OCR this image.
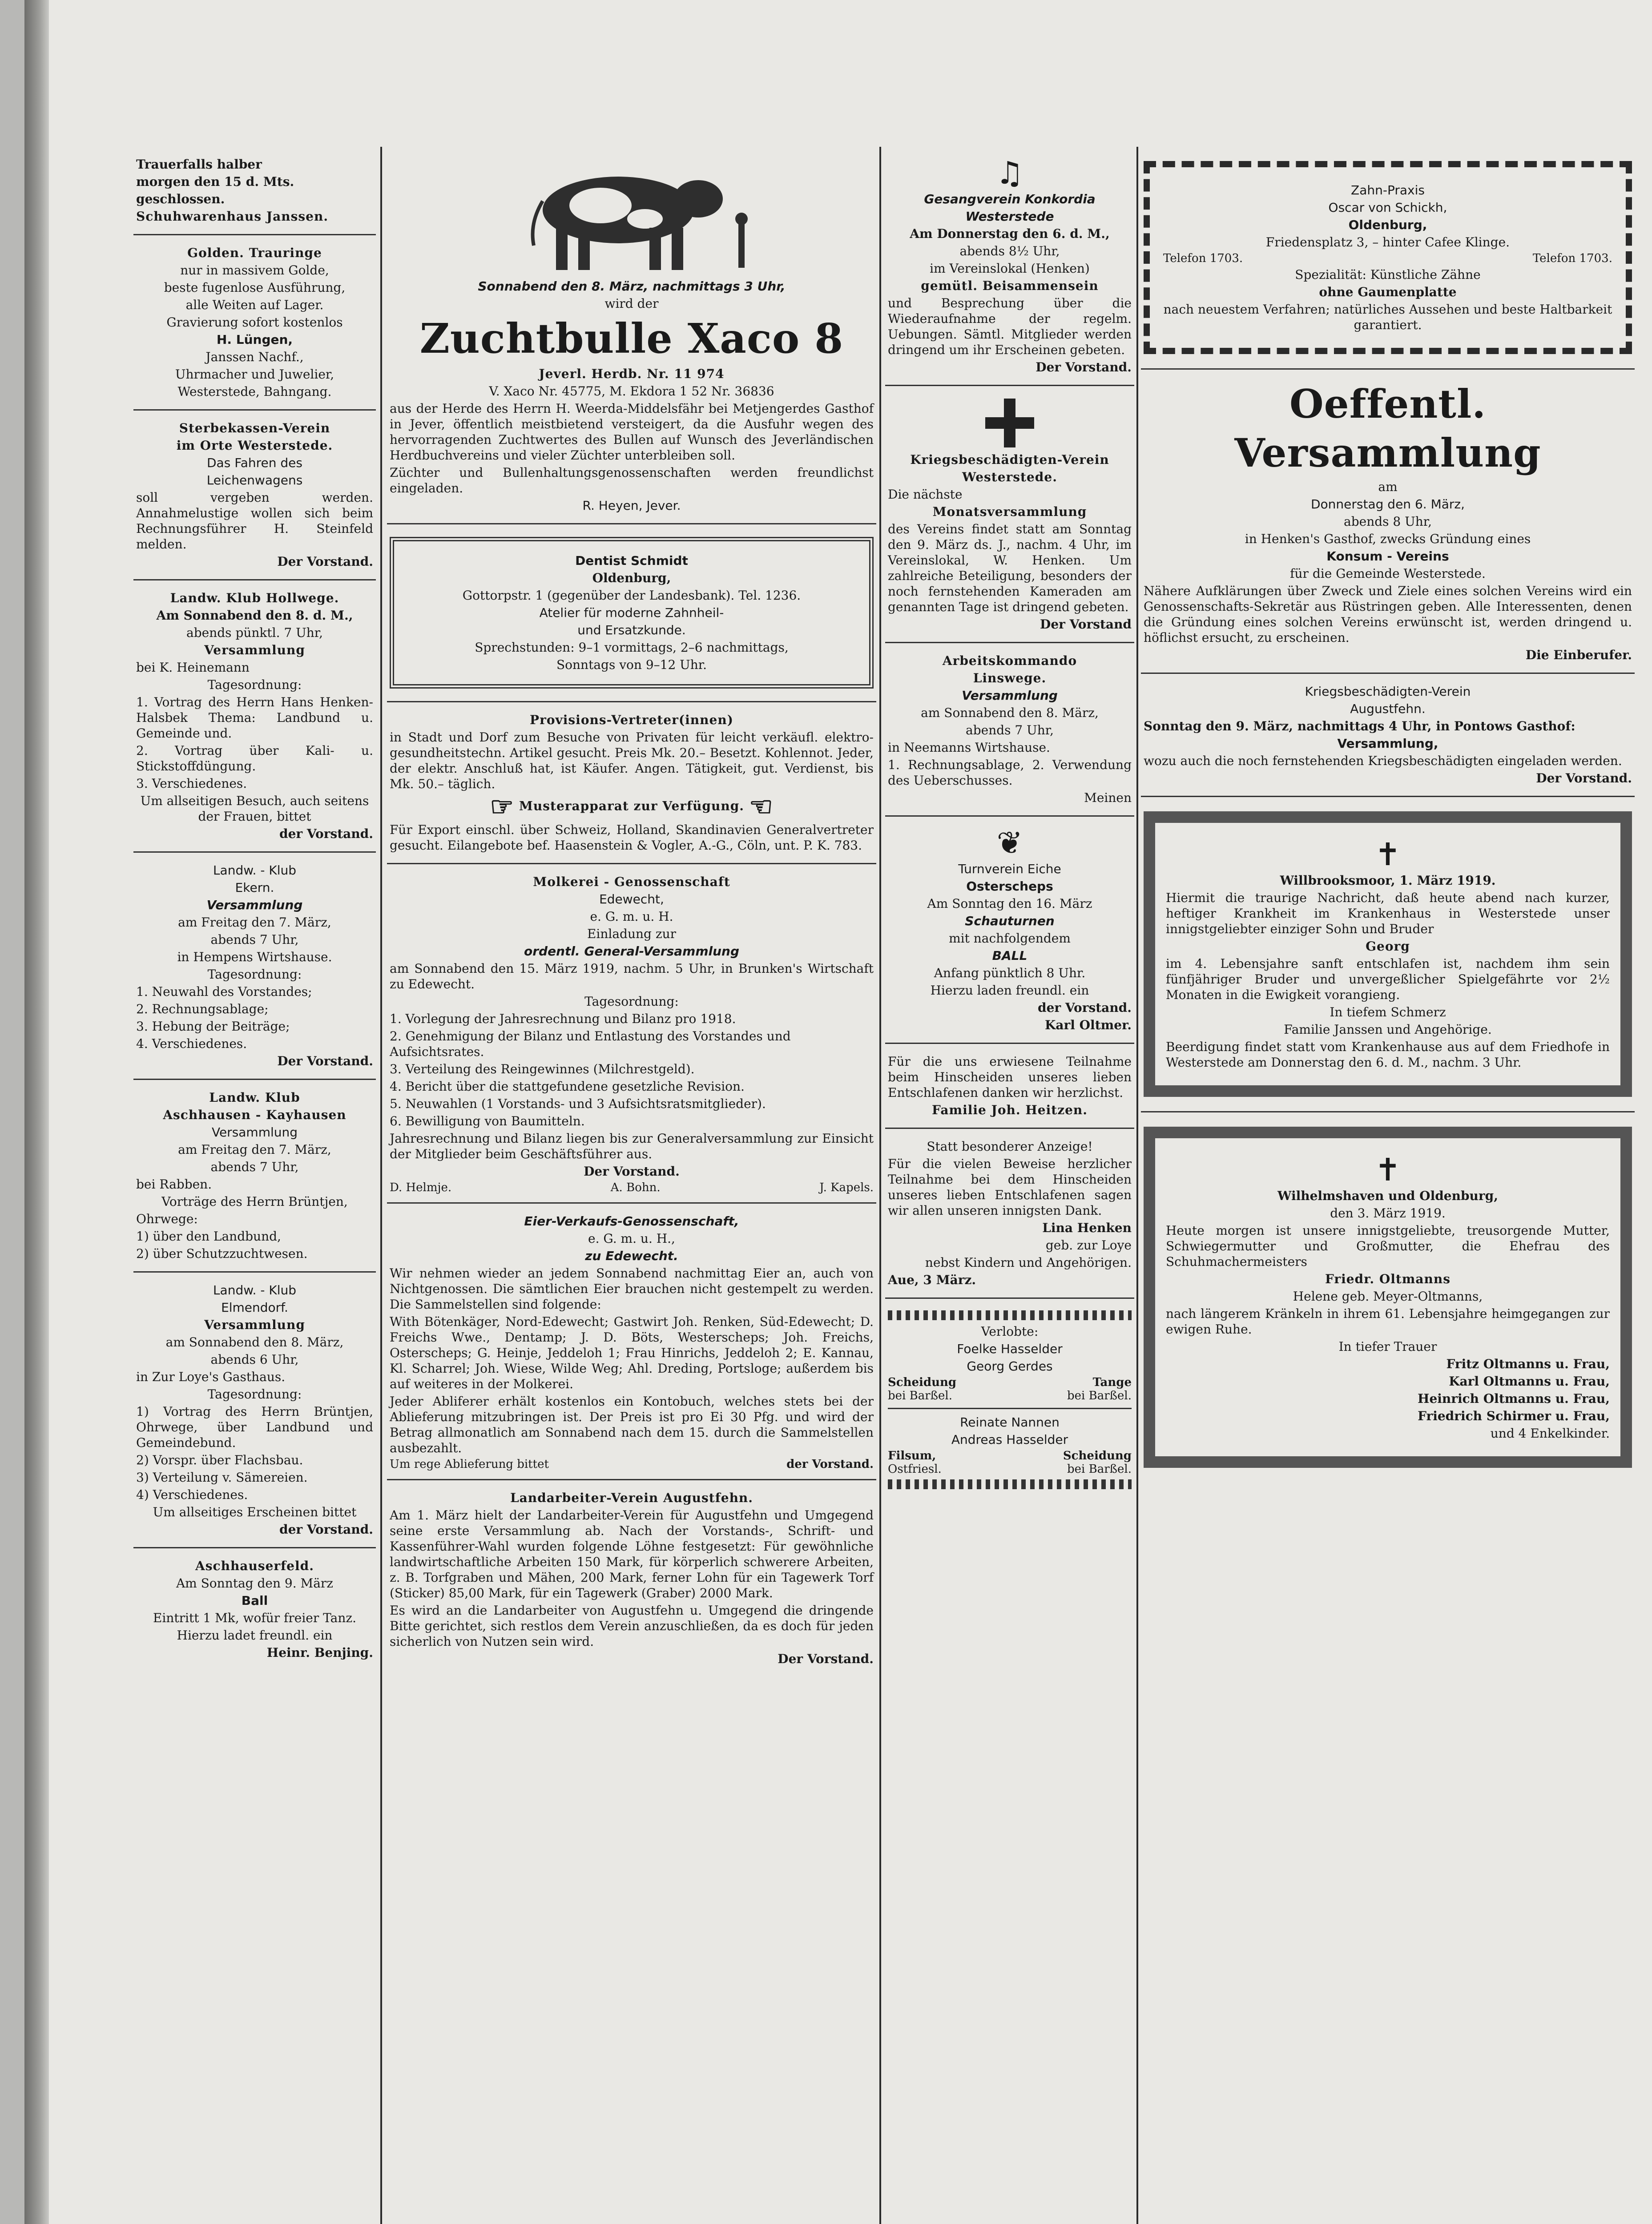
Trauerfalls halber

morgen den 15 d. Mts.

geschlossen.

Schuhwarenhaus Janssen.

Golden. Trauringe

nur in massivem Golde,

beste fugenlose Ausführung,

alle Weiten auf Lager.

Gravierung sofort kostenlos

H. Lüngen,

Janssen Nachf.,

Uhrmacher und Juwelier,

Westerstede, Bahngang.

Sterbekassen-Verein

im Orte Westerstede.

Das Fahren des

Leichenwagens

soll vergeben werden. Annahmelustige wollen sich beim Rechnungsführer H. Steinfeld melden.

Der Vorstand.

Landw. Klub Hollwege.

Am Sonnabend den 8. d. M.,

abends pünktl. 7 Uhr,

Versammlung

bei K. Heinemann

Tagesordnung:

1. Vortrag des Herrn Hans Henken-Halsbek Thema: Landbund u. Gemeinde und.

2. Vortrag über Kali- u. Stickstoffdüngung.

3. Verschiedenes.

Um allseitigen Besuch, auch seitens der Frauen, bittet

der Vorstand.

Landw. - Klub

Ekern.

Versammlung

am Freitag den 7. März,

abends 7 Uhr,

in Hempens Wirtshause.

Tagesordnung:

1. Neuwahl des Vorstandes;

2. Rechnungsablage;

3. Hebung der Beiträge;

4. Verschiedenes.

Der Vorstand.

Landw. Klub

Aschhausen - Kayhausen

Versammlung

am Freitag den 7. März,

abends 7 Uhr,

bei Rabben.

Vorträge des Herrn Brüntjen,

Ohrwege:

1) über den Landbund,

2) über Schutzzuchtwesen.

Landw. - Klub

Elmendorf.

Versammlung

am Sonnabend den 8. März,

abends 6 Uhr,

in Zur Loye's Gasthaus.

Tagesordnung:

1) Vortrag des Herrn Brüntjen, Ohrwege, über Landbund und Gemeindebund.

2) Vorspr. über Flachsbau.

3) Verteilung v. Sämereien.

4) Verschiedenes.

Um allseitiges Erscheinen bittet

der Vorstand.

Aschhauserfeld.

Am Sonntag den 9. März

Ball

Eintritt 1 Mk, wofür freier Tanz.

Hierzu ladet freundl. ein

Heinr. Benjing.

Sonnabend den 8. März, nachmittags 3 Uhr,

wird der

Zuchtbulle Xaco 8

Jeverl. Herdb. Nr. 11 974

V. Xaco Nr. 45775, M. Ekdora 1 52 Nr. 36836

aus der Herde des Herrn H. Weerda-Middelsfähr bei Metjengerdes Gasthof in Jever, öffentlich meistbietend versteigert, da die Ausfuhr wegen des hervorragenden Zuchtwertes des Bullen auf Wunsch des Jeverländischen Herdbuchvereins und vieler Züchter unterbleiben soll.

Züchter und Bullenhaltungsgenossenschaften werden freundlichst eingeladen.

R. Heyen, Jever.

Dentist Schmidt

Oldenburg,

Gottorpstr. 1 (gegenüber der Landesbank). Tel. 1236.

Atelier für moderne Zahnheil-

und Ersatzkunde.

Sprechstunden: 9–1 vormittags, 2–6 nachmittags,

Sonntags von 9–12 Uhr.

Provisions-Vertreter(innen)

in Stadt und Dorf zum Besuche von Privaten für leicht verkäufl. elektro-gesundheitstechn. Artikel gesucht. Preis Mk. 20.– Besetzt. Kohlennot. Jeder, der elektr. Anschluß hat, ist Käufer. Angen. Tätigkeit, gut. Verdienst, bis Mk. 50.– täglich.

☞ Musterapparat zur Verfügung. ☜

Für Export einschl. über Schweiz, Holland, Skandinavien Generalvertreter gesucht. Eilangebote bef. Haasenstein & Vogler, A.-G., Cöln, unt. P. K. 783.

Molkerei - Genossenschaft

Edewecht,

e. G. m. u. H.

Einladung zur

ordentl. General-Versammlung

am Sonnabend den 15. März 1919, nachm. 5 Uhr, in Brunken's Wirtschaft zu Edewecht.

Tagesordnung:

1. Vorlegung der Jahresrechnung und Bilanz pro 1918.

2. Genehmigung der Bilanz und Entlastung des Vorstandes und Aufsichtsrates.

3. Verteilung des Reingewinnes (Milchrestgeld).

4. Bericht über die stattgefundene gesetzliche Revision.

5. Neuwahlen (1 Vorstands- und 3 Aufsichtsratsmitglieder).

6. Bewilligung von Baumitteln.

Jahresrechnung und Bilanz liegen bis zur Generalversammlung zur Einsicht der Mitglieder beim Geschäftsführer aus.

Der Vorstand.

D. Helmje.	A. Bohn.	J. Kapels.

Eier-Verkaufs-Genossenschaft,

e. G. m. u. H.,

zu Edewecht.

Wir nehmen wieder an jedem Sonnabend nachmittag Eier an, auch von Nichtgenossen. Die sämtlichen Eier brauchen nicht gestempelt zu werden. Die Sammelstellen sind folgende:

With Bötenkäger, Nord-Edewecht; Gastwirt Joh. Renken, Süd-Edewecht; D. Freichs Wwe., Dentamp; J. D. Böts, Westerscheps; Joh. Freichs, Osterscheps; G. Heinje, Jeddeloh 1; Frau Hinrichs, Jeddeloh 2; E. Kannau, Kl. Scharrel; Joh. Wiese, Wilde Weg; Ahl. Dreding, Portsloge; außerdem bis auf weiteres in der Molkerei.

Jeder Abliferer erhält kostenlos ein Kontobuch, welches stets bei der Ablieferung mitzubringen ist. Der Preis ist pro Ei 30 Pfg. und wird der Betrag allmonatlich am Sonnabend nach dem 15. durch die Sammelstellen ausbezahlt.

Um rege Ablieferung bittet	der Vorstand.

Landarbeiter-Verein Augustfehn.

Am 1. März hielt der Landarbeiter-Verein für Augustfehn und Umgegend seine erste Versammlung ab. Nach der Vorstands-, Schrift- und Kassenführer-Wahl wurden folgende Löhne festgesetzt: Für gewöhnliche landwirtschaftliche Arbeiten 150 Mark, für körperlich schwerere Arbeiten, z. B. Torfgraben und Mähen, 200 Mark, ferner Lohn für ein Tagewerk Torf (Sticker) 85,00 Mark, für ein Tagewerk (Graber) 2000 Mark.

Es wird an die Landarbeiter von Augustfehn u. Umgegend die dringende Bitte gerichtet, sich restlos dem Verein anzuschließen, da es doch für jeden sicherlich von Nutzen sein wird.

Der Vorstand.

♫

Gesangverein Konkordia

Westerstede

Am Donnerstag den 6. d. M.,

abends 8½ Uhr,

im Vereinslokal (Henken)

gemütl. Beisammensein

und Besprechung über die Wiederaufnahme der regelm. Uebungen. Sämtl. Mitglieder werden dringend um ihr Erscheinen gebeten.

Der Vorstand.

Kriegsbeschädigten-Verein

Westerstede.

Die nächste

Monatsversammlung

des Vereins findet statt am Sonntag den 9. März ds. J., nachm. 4 Uhr, im Vereinslokal, W. Henken. Um zahlreiche Beteiligung, besonders der noch fernstehenden Kameraden am genannten Tage ist dringend gebeten.

Der Vorstand

Arbeitskommando

Linswege.

Versammlung

am Sonnabend den 8. März,

abends 7 Uhr,

in Neemanns Wirtshause.

1. Rechnungsablage, 2. Verwendung des Ueberschusses.

Meinen

❦

Turnverein Eiche

Osterscheps

Am Sonntag den 16. März

Schauturnen

mit nachfolgendem

BALL

Anfang pünktlich 8 Uhr.

Hierzu laden freundl. ein

der Vorstand.

Karl Oltmer.

Für die uns erwiesene Teilnahme beim Hinscheiden unseres lieben Entschlafenen danken wir herzlichst.

Familie Joh. Heitzen.

Statt besonderer Anzeige!

Für die vielen Beweise herzlicher Teilnahme bei dem Hinscheiden unseres lieben Entschlafenen sagen wir allen unseren innigsten Dank.

Lina Henken

geb. zur Loye

nebst Kindern und Angehörigen.

Aue, 3 März.

Verlobte:

Foelke Hasselder

Georg Gerdes

Scheidung	Tange
bei Barßel.	bei Barßel.

Reinate Nannen

Andreas Hasselder

Filsum,	Scheidung
Ostfriesl.	bei Barßel.

Zahn-Praxis

Oscar von Schickh,

Oldenburg,

Friedensplatz 3, – hinter Cafee Klinge.

Telefon 1703.	Telefon 1703.

Spezialität: Künstliche Zähne

ohne Gaumenplatte

nach neuestem Verfahren; natürliches Aussehen und beste Haltbarkeit garantiert.

Oeffentl. Versammlung

am

Donnerstag den 6. März,

abends 8 Uhr,

in Henken's Gasthof, zwecks Gründung eines

Konsum - Vereins

für die Gemeinde Westerstede.

Nähere Aufklärungen über Zweck und Ziele eines solchen Vereins wird ein Genossenschafts-Sekretär aus Rüstringen geben. Alle Interessenten, denen die Gründung eines solchen Vereins erwünscht ist, werden dringend u. höflichst ersucht, zu erscheinen.

Die Einberufer.

Kriegsbeschädigten-Verein

Augustfehn.

Sonntag den 9. März, nachmittags 4 Uhr, in Pontows Gasthof:

Versammlung,

wozu auch die noch fernstehenden Kriegsbeschädigten eingeladen werden.

Der Vorstand.

✝

Willbrooksmoor, 1. März 1919.

Hiermit die traurige Nachricht, daß heute abend nach kurzer, heftiger Krankheit im Krankenhaus in Westerstede unser innigstgeliebter einziger Sohn und Bruder

Georg

im 4. Lebensjahre sanft entschlafen ist, nachdem ihm sein fünfjähriger Bruder und unvergeßlicher Spielgefährte vor 2½ Monaten in die Ewigkeit vorangieng.

In tiefem Schmerz

Familie Janssen und Angehörige.

Beerdigung findet statt vom Krankenhause aus auf dem Friedhofe in Westerstede am Donnerstag den 6. d. M., nachm. 3 Uhr.

✝

Wilhelmshaven und Oldenburg,

den 3. März 1919.

Heute morgen ist unsere innigstgeliebte, treusorgende Mutter, Schwiegermutter und Großmutter, die Ehefrau des Schuhmachermeisters

Friedr. Oltmanns

Helene geb. Meyer-Oltmanns,

nach längerem Kränkeln in ihrem 61. Lebensjahre heimgegangen zur ewigen Ruhe.

In tiefer Trauer

Fritz Oltmanns u. Frau,

Karl Oltmanns u. Frau,

Heinrich Oltmanns u. Frau,

Friedrich Schirmer u. Frau,

und 4 Enkelkinder.
